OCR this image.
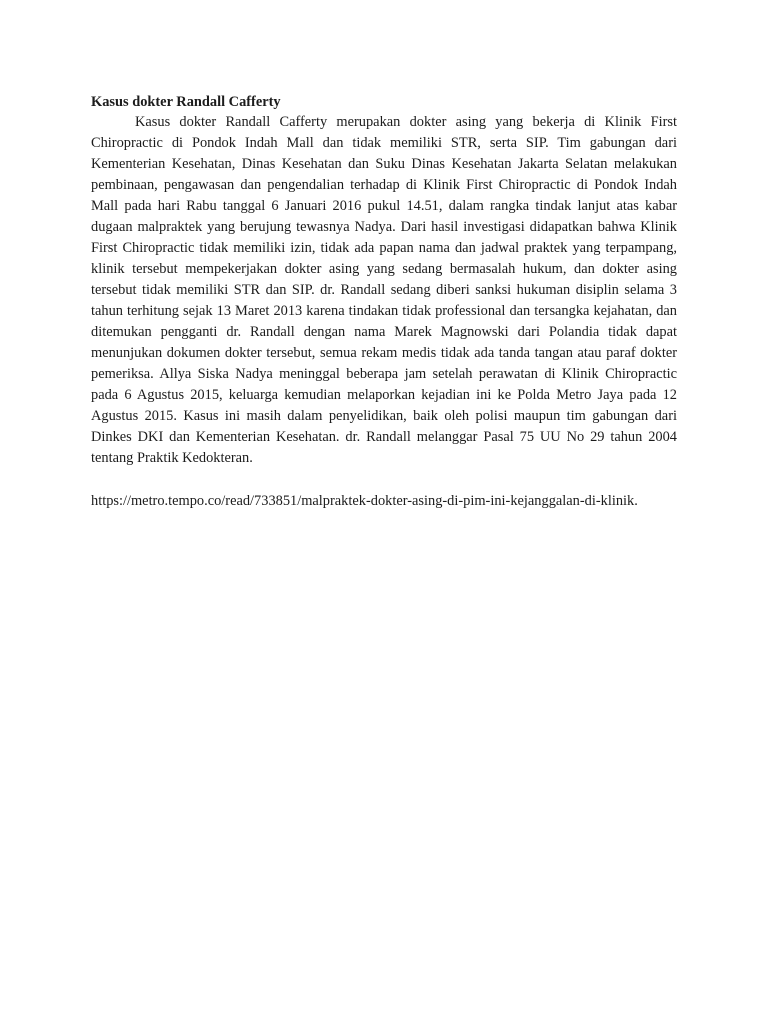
Kasus dokter Randall Cafferty

Kasus dokter Randall Cafferty merupakan dokter asing yang bekerja di Klinik First Chiropractic di Pondok Indah Mall dan tidak memiliki STR, serta SIP. Tim gabungan dari Kementerian Kesehatan, Dinas Kesehatan dan Suku Dinas Kesehatan Jakarta Selatan melakukan pembinaan, pengawasan dan pengendalian terhadap di Klinik First Chiropractic di Pondok Indah Mall pada hari Rabu tanggal 6 Januari 2016 pukul 14.51, dalam rangka tindak lanjut atas kabar dugaan malpraktek yang berujung tewasnya Nadya. Dari hasil investigasi didapatkan bahwa Klinik First Chiropractic tidak memiliki izin, tidak ada papan nama dan jadwal praktek yang terpampang, klinik tersebut mempekerjakan dokter asing yang sedang bermasalah hukum, dan dokter asing tersebut tidak memiliki STR dan SIP. dr. Randall sedang diberi sanksi hukuman disiplin selama 3 tahun terhitung sejak 13 Maret 2013 karena tindakan tidak professional dan tersangka kejahatan, dan ditemukan pengganti dr. Randall dengan nama Marek Magnowski dari Polandia tidak dapat menunjukan dokumen dokter tersebut, semua rekam medis tidak ada tanda tangan atau paraf dokter pemeriksa. Allya Siska Nadya meninggal beberapa jam setelah perawatan di Klinik Chiropractic pada 6 Agustus 2015, keluarga kemudian melaporkan kejadian ini ke Polda Metro Jaya pada 12 Agustus 2015. Kasus ini masih dalam penyelidikan, baik oleh polisi maupun tim gabungan dari Dinkes DKI dan Kementerian Kesehatan. dr. Randall melanggar Pasal 75 UU No 29 tahun 2004 tentang Praktik Kedokteran.

https://metro.tempo.co/read/733851/malpraktek-dokter-asing-di-pim-ini-kejanggalan-di-klinik.
